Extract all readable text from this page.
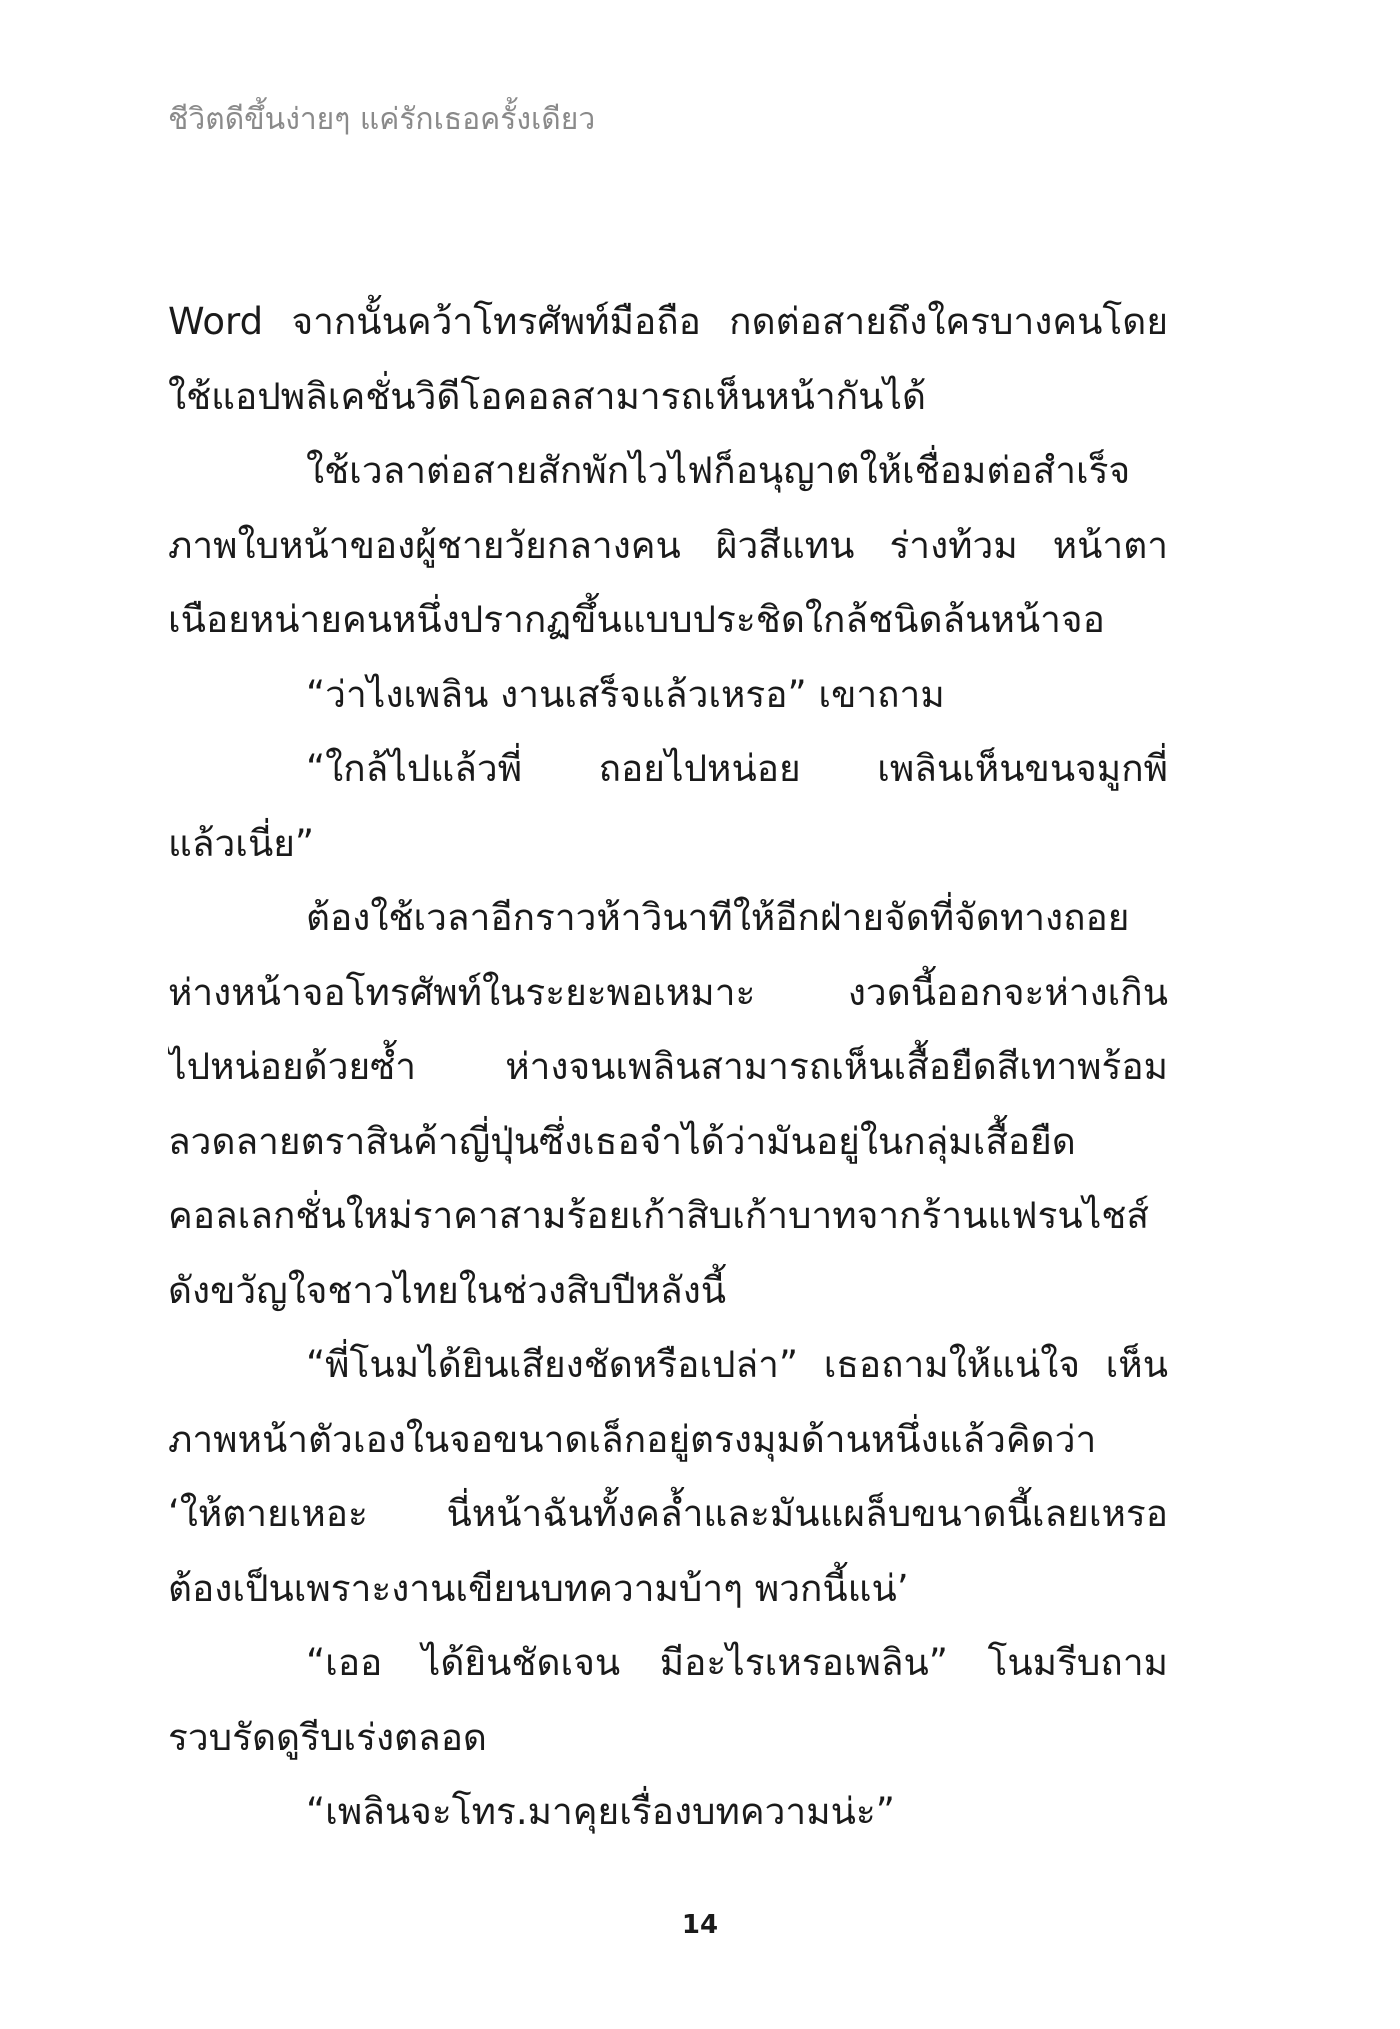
ชีวิตดีขึ้นง่ายๆ แค่รักเธอครั้งเดียว
Word จากนั้นคว้าโทรศัพท์มือถือ กดต่อสายถึงใครบางคนโดย
ใช้แอปพลิเคชั่นวิดีโอคอลสามารถเห็นหน้ากันได้
ใช้เวลาต่อสายสักพักไวไฟก็อนุญาตให้เชื่อมต่อสำเร็จ
ภาพใบหน้าของผู้ชายวัยกลางคน ผิวสีแทน ร่างท้วม หน้าตา
เนือยหน่ายคนหนึ่งปรากฏขึ้นแบบประชิดใกล้ชนิดล้นหน้าจอ
“ว่าไงเพลิน งานเสร็จแล้วเหรอ” เขาถาม
“ใกล้ไปแล้วพี่ ถอยไปหน่อย เพลินเห็นขนจมูกพี่
แล้วเนี่ย”
ต้องใช้เวลาอีกราวห้าวินาทีให้อีกฝ่ายจัดที่จัดทางถอย
ห่างหน้าจอโทรศัพท์ในระยะพอเหมาะ งวดนี้ออกจะห่างเกิน
ไปหน่อยด้วยซ้ำ ห่างจนเพลินสามารถเห็นเสื้อยืดสีเทาพร้อม
ลวดลายตราสินค้าญี่ปุ่นซึ่งเธอจำได้ว่ามันอยู่ในกลุ่มเสื้อยืด
คอลเลกชั่นใหม่ราคาสามร้อยเก้าสิบเก้าบาทจากร้านแฟรนไชส์
ดังขวัญใจชาวไทยในช่วงสิบปีหลังนี้
“พี่โนมได้ยินเสียงชัดหรือเปล่า” เธอถามให้แน่ใจ เห็น
ภาพหน้าตัวเองในจอขนาดเล็กอยู่ตรงมุมด้านหนึ่งแล้วคิดว่า
‘ให้ตายเหอะ นี่หน้าฉันทั้งคล้ำและมันแผล็บขนาดนี้เลยเหรอ
ต้องเป็นเพราะงานเขียนบทความบ้าๆ พวกนี้แน่’
“เออ ได้ยินชัดเจน มีอะไรเหรอเพลิน” โนมรีบถาม
รวบรัดดูรีบเร่งตลอด
“เพลินจะโทร.มาคุยเรื่องบทความน่ะ”
14
